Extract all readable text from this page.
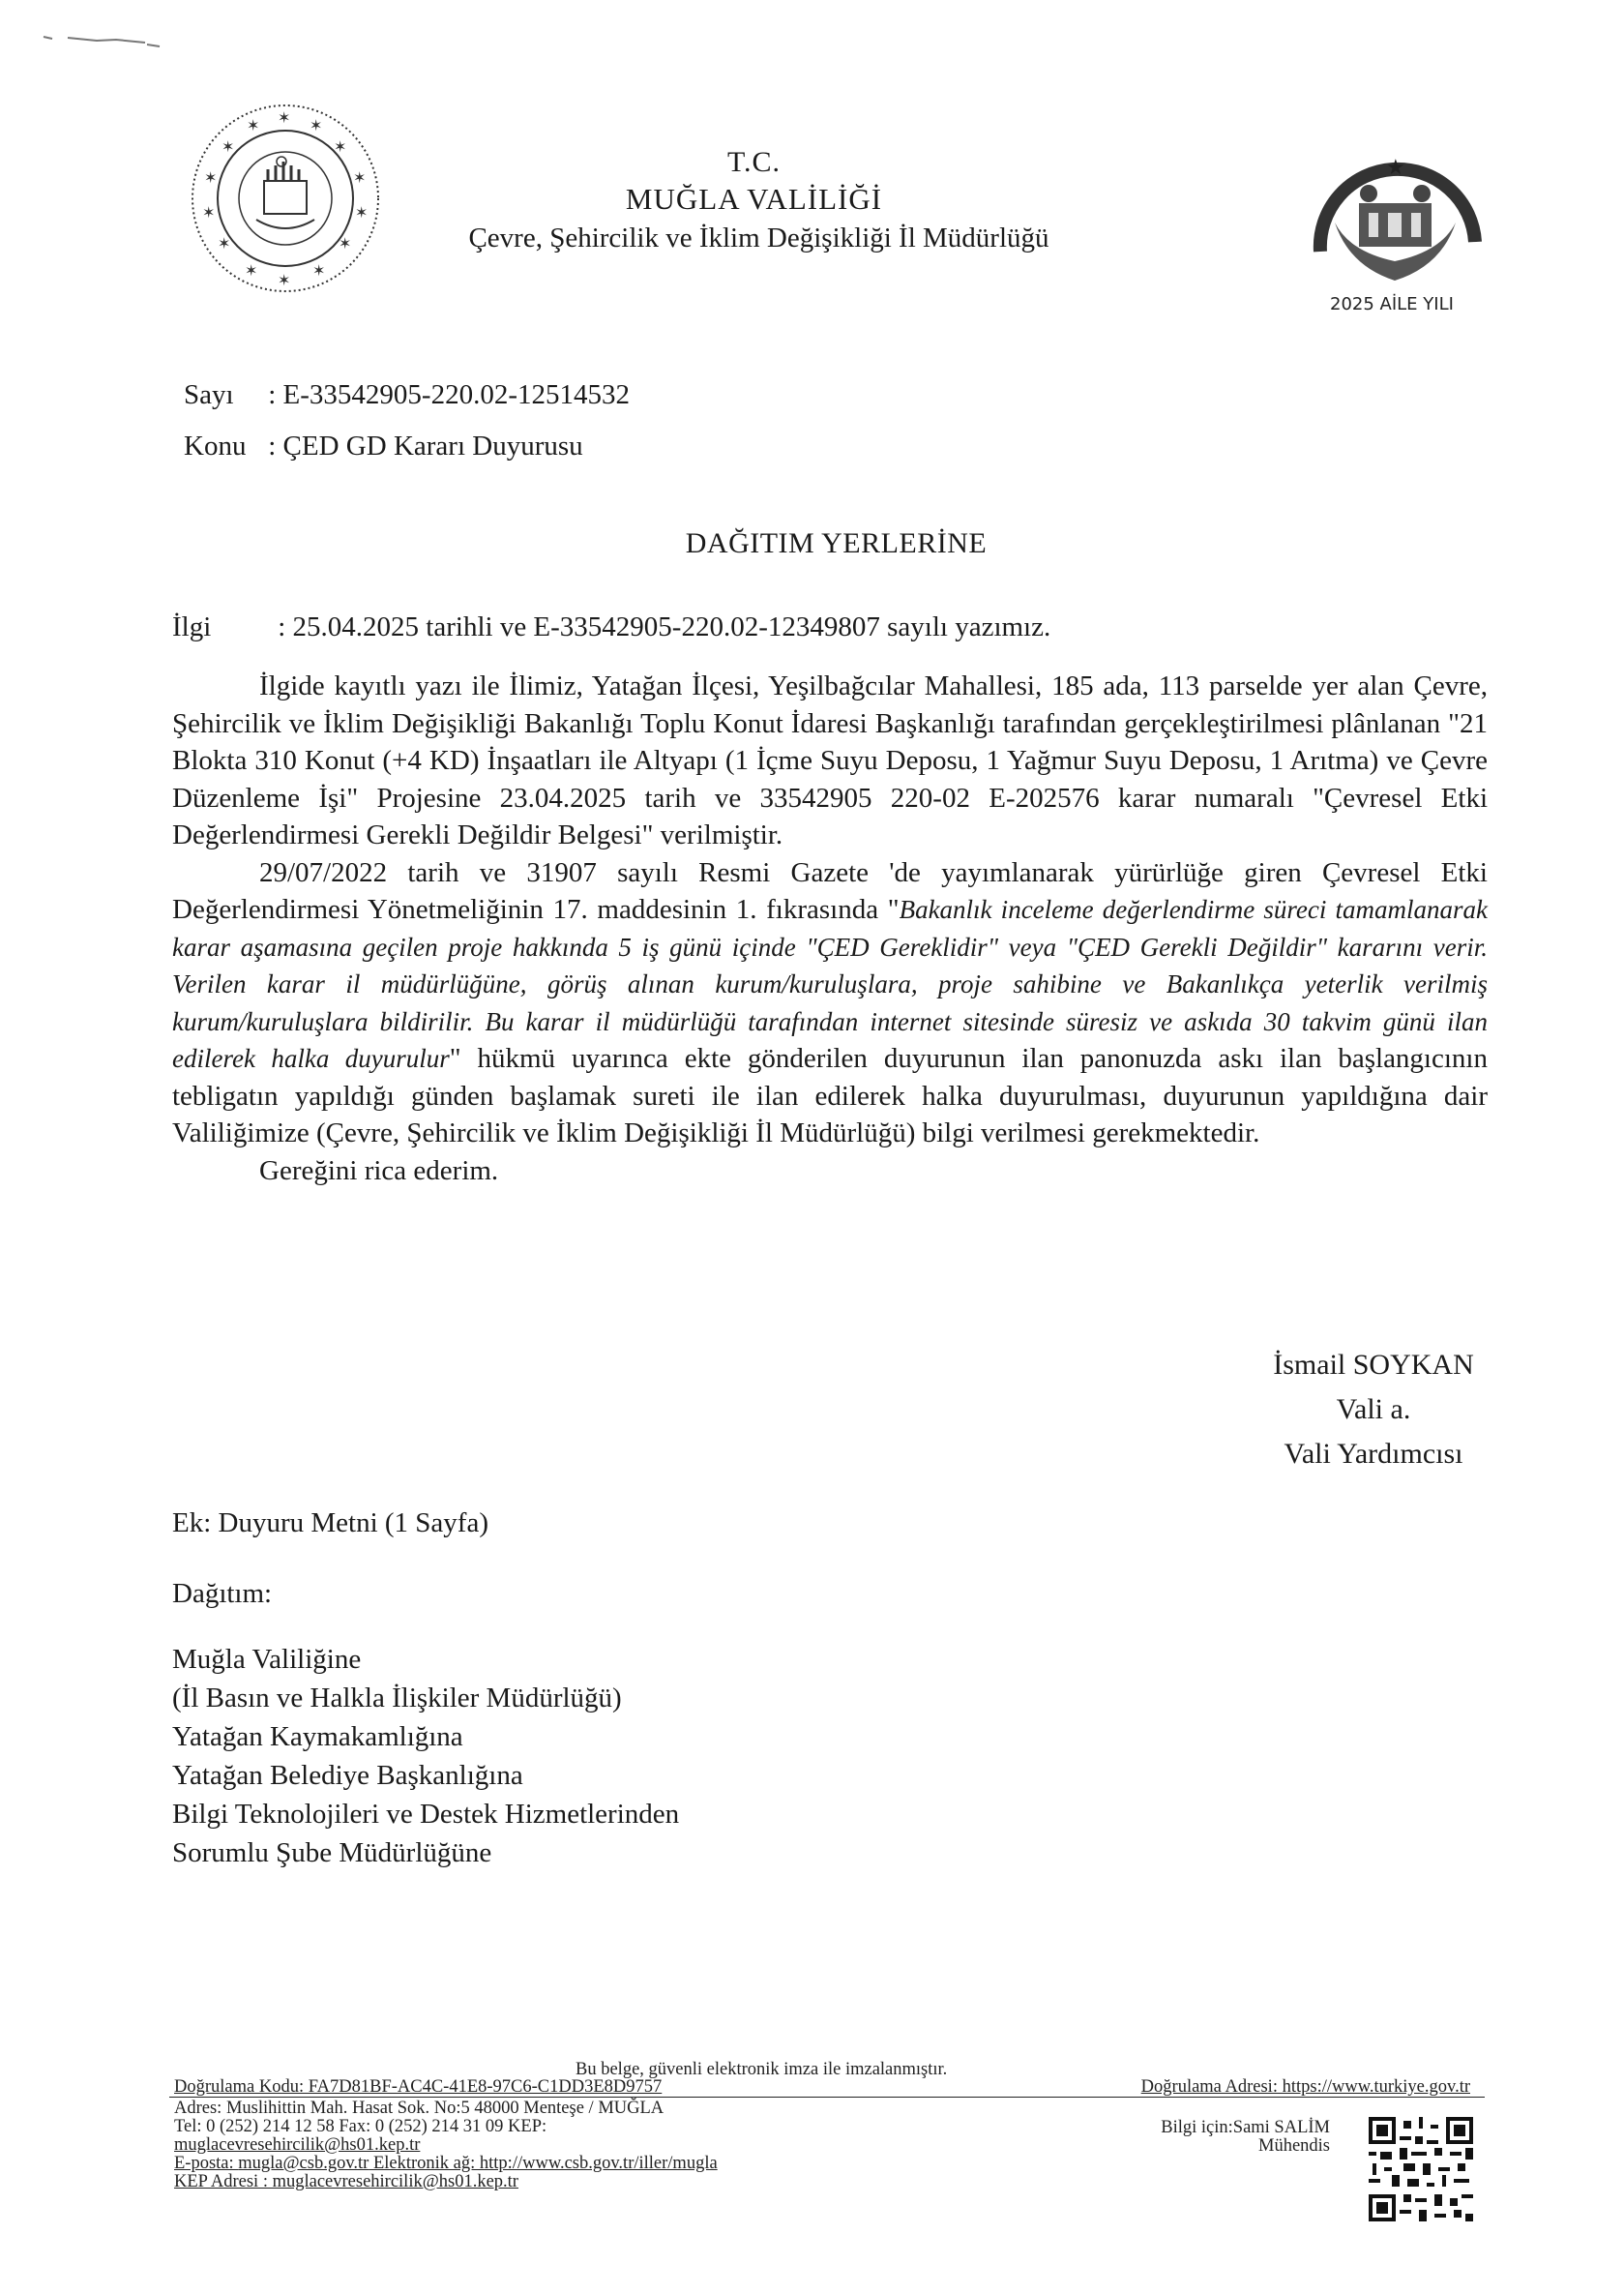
✶
✶	✶
✶	✶
✶	✶
✶	✶
✶	✶
✶
✶
✶
★
2025 AİLE YILI
T.C.
MUĞLA VALİLİĞİ
Çevre, Şehircilik ve İklim Değişikliği İl Müdürlüğü
Sayı : E-33542905-220.02-12514532
Konu : ÇED GD Kararı Duyurusu
DAĞITIM YERLERİNE
İlgi : 25.04.2025 tarihli ve E-33542905-220.02-12349807 sayılı yazımız.

İlgide kayıtlı yazı ile İlimiz, Yatağan İlçesi, Yeşilbağcılar Mahallesi, 185 ada, 113 parselde yer alan Çevre, Şehircilik ve İklim Değişikliği Bakanlığı Toplu Konut İdaresi Başkanlığı tarafından gerçekleştirilmesi plânlanan "21 Blokta 310 Konut (+4 KD) İnşaatları ile Altyapı (1 İçme Suyu Deposu, 1 Yağmur Suyu Deposu, 1 Arıtma) ve Çevre Düzenleme İşi" Projesine 23.04.2025 tarih ve 33542905 220-02 E-202576 karar numaralı "Çevresel Etki Değerlendirmesi Gerekli Değildir Belgesi" verilmiştir.

29/07/2022 tarih ve 31907 sayılı Resmi Gazete 'de yayımlanarak yürürlüğe giren Çevresel Etki Değerlendirmesi Yönetmeliğinin 17. maddesinin 1. fıkrasında "Bakanlık inceleme değerlendirme süreci tamamlanarak karar aşamasına geçilen proje hakkında 5 iş günü içinde "ÇED Gereklidir" veya "ÇED Gerekli Değildir" kararını verir. Verilen karar il müdürlüğüne, görüş alınan kurum/kuruluşlara, proje sahibine ve Bakanlıkça yeterlik verilmiş kurum/kuruluşlara bildirilir. Bu karar il müdürlüğü tarafından internet sitesinde süresiz ve askıda 30 takvim günü ilan edilerek halka duyurulur" hükmü uyarınca ekte gönderilen duyurunun ilan panonuzda askı ilan başlangıcının tebligatın yapıldığı günden başlamak sureti ile ilan edilerek halka duyurulması, duyurunun yapıldığına dair Valiliğimize (Çevre, Şehircilik ve İklim Değişikliği İl Müdürlüğü) bilgi verilmesi gerekmektedir.

Gereğini rica ederim.

İsmail SOYKAN
Vali a.
Vali Yardımcısı
Ek: Duyuru Metni (1 Sayfa)
Dağıtım:
Muğla Valiliğine
(İl Basın ve Halkla İlişkiler Müdürlüğü)
Yatağan Kaymakamlığına
Yatağan Belediye Başkanlığına
Bilgi Teknolojileri ve Destek Hizmetlerinden
Sorumlu Şube Müdürlüğüne
Bu belge, güvenli elektronik imza ile imzalanmıştır.
Doğrulama Kodu: FA7D81BF-AC4C-41E8-97C6-C1DD3E8D9757	Doğrulama Adresi: https://www.turkiye.gov.tr
Adres: Muslihittin Mah. Hasat Sok. No:5 48000 Menteşe / MUĞLA
Tel: 0 (252) 214 12 58 Fax: 0 (252) 214 31 09 KEP:
muglacevresehircilik@hs01.kep.tr
E-posta: mugla@csb.gov.tr Elektronik ağ: http://www.csb.gov.tr/iller/mugla
KEP Adresi : muglacevresehircilik@hs01.kep.tr
Bilgi için:Sami SALİM
Mühendis
